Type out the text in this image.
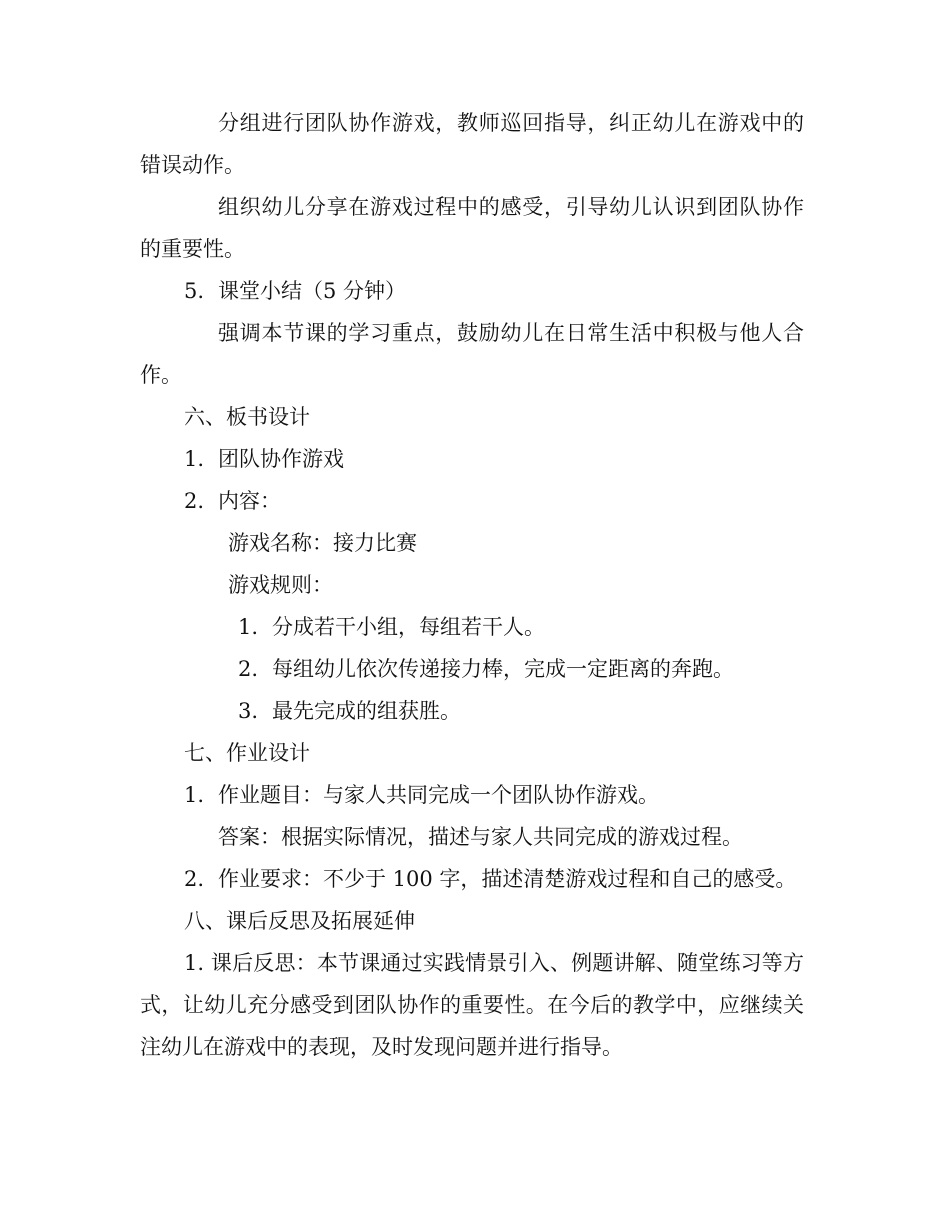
分组进行团队协作游戏，教师巡回指导，纠正幼儿在游戏中的错误动作。

组织幼儿分享在游戏过程中的感受，引导幼儿认识到团队协作的重要性。

5. 课堂小结（5 分钟）

强调本节课的学习重点，鼓励幼儿在日常生活中积极与他人合作。

六、板书设计
1. 团队协作游戏
2. 内容：
游戏名称：接力比赛
游戏规则：
1. 分成若干小组，每组若干人。
2. 每组幼儿依次传递接力棒，完成一定距离的奔跑。
3. 最先完成的组获胜。
七、作业设计
1. 作业题目：与家人共同完成一个团队协作游戏。
答案：根据实际情况，描述与家人共同完成的游戏过程。
2. 作业要求：不少于 100 字，描述清楚游戏过程和自己的感受。
八、课后反思及拓展延伸

1. 课后反思：本节课通过实践情景引入、例题讲解、随堂练习等方式，让幼儿充分感受到团队协作的重要性。在今后的教学中，应继续关注幼儿在游戏中的表现，及时发现问题并进行指导。
